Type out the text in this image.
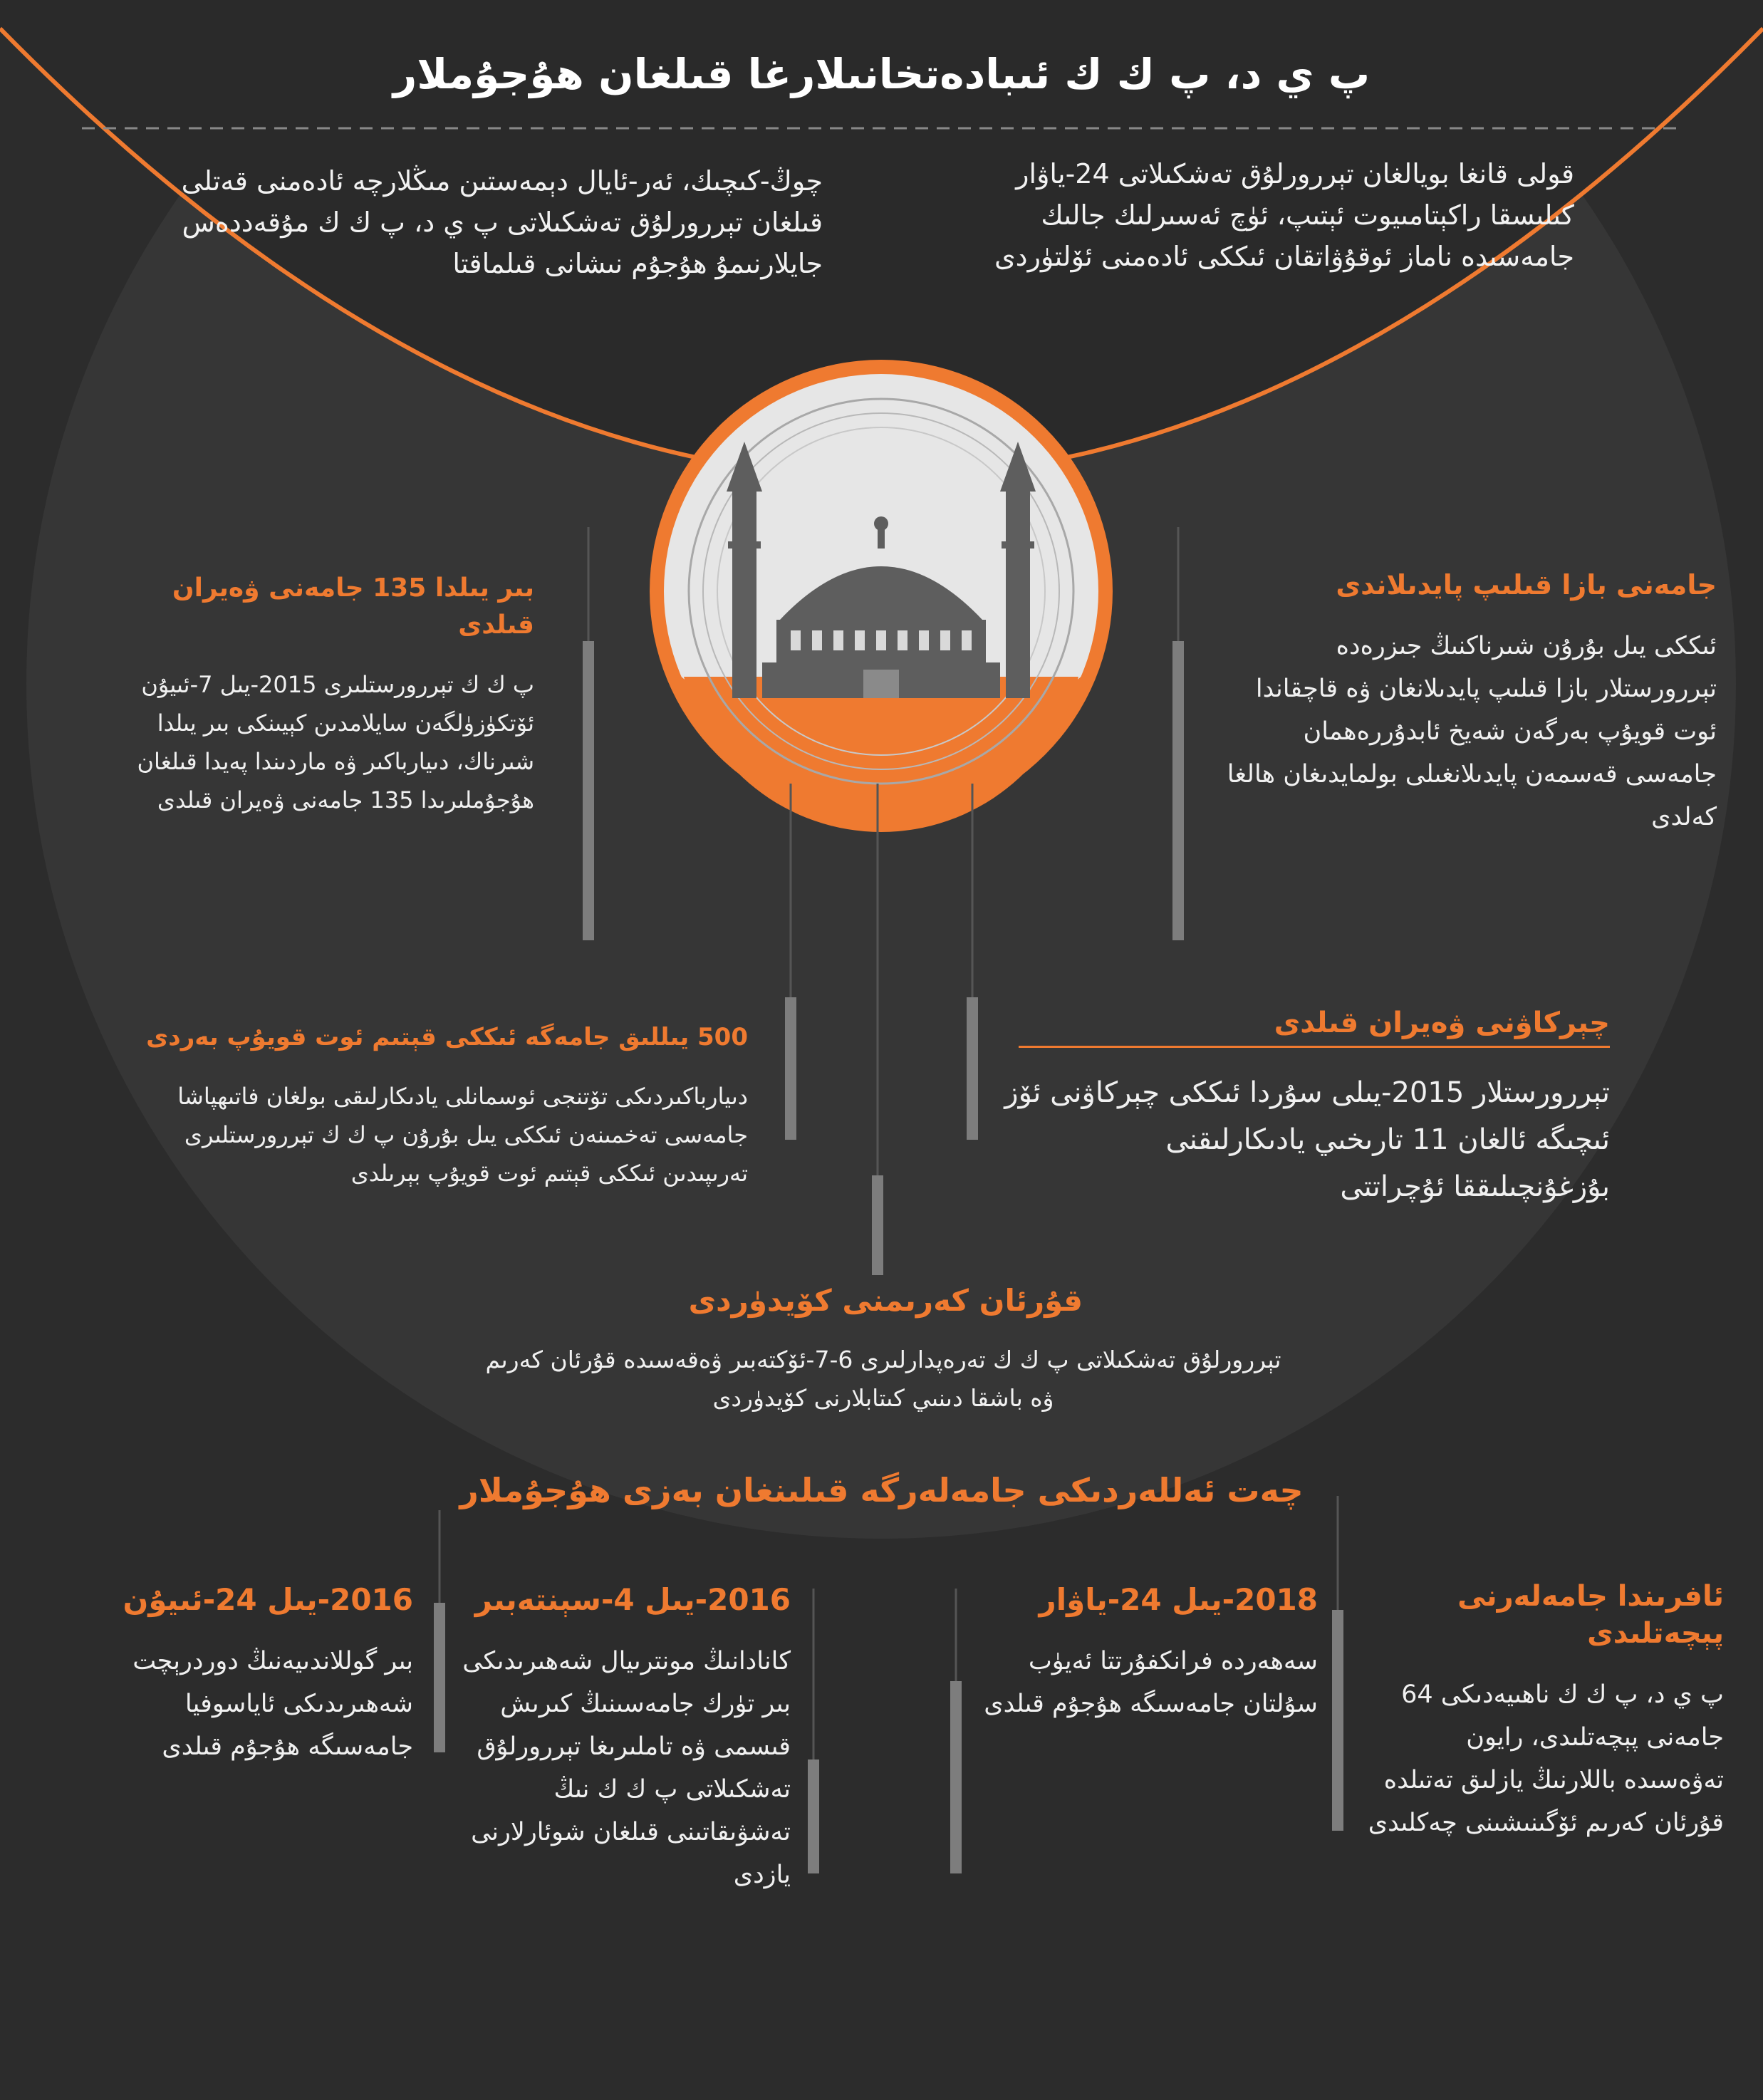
پ ي د، پ ك ك ئىبادەتخانىلارغا قىلغان ھۇجۇملار
قولى قانغا بويالغان تېررورلۇق تەشكىلاتى 24-ياۋار كىلىسقا راكېتامىيوت ئېتىپ، ئۈچ ئەسىرلىك جالىك جامەسىدە ناماز ئوقۇۋاتقان ئىككى ئادەمنى ئۆلتۈردى
چوڭ-كىچىك، ئەر-ئايال دېمەستىن مىڭلارچە ئادەمنى قەتلى قىلغان تېررورلۇق تەشكىلاتى پ ي د، پ ك ك مۇقەددەس جايلارنىمۇ ھۇجۇم نىشانى قىلماقتا
بىر يىلدا 135 جامەنى ۋەيران قىلدى
پ ك ك تېررورستلىرى 2015-يىل 7-ئىيۇن ئۆتكۈزۈلگەن سايلامدىن كېيىنكى بىر يىلدا شىرناك، دىيارباكىر ۋە ماردىندا پەيدا قىلغان ھۇجۇملىرىدا 135 جامەنى ۋەيران قىلدى
جامەنى بازا قىلىپ پايدىلاندى
ئىككى يىل بۇرۇن شىرناكنىڭ جىزرەدە تېررورستلار بازا قىلىپ پايدىلانغان ۋە قاچقاندا ئوت قويۇپ بەرگەن شەيخ ئابدۇررەھمان جامەسى قەسمەن پايدىلانغىلى بولمايدىغان ھالغا كەلدى
500 يىللىق جامەگە ئىككى قېتىم ئوت قويۇپ بەردى
دىيارباكىردىكى تۆتنجى ئوسمانلى يادىكارلىقى بولغان فاتىھپاشا جامەسى تەخمىنەن ئىككى يىل بۇرۇن پ ك ك تېررورستلىرى تەرىپىدىن ئىككى قېتىم ئوت قويۇپ بېرىلدى
چېركاۋنى ۋەيران قىلدى
تېررورستلار 2015-يىلى سۇردا ئىككى چېركاۋنى ئۆز ئىچىگە ئالغان 11 تارىخىي يادىكارلىقنى بۇزغۇنچىلىققا ئۇچراتتى
قۇرئان كەرىمنى كۆيدۈردى
تېررورلۇق تەشكىلاتى پ ك ك تەرەپدارلىرى 6-7-ئۆكتەبىر ۋەقەسىدە قۇرئان كەرىم ۋە باشقا دىنىي كىتابلارنى كۆيدۈردى
چەت ئەللەردىكى جامەلەرگە قىلىنغان بەزى ھۇجۇملار
ئافرىندا جامەلەرنى پېچەتلىدى
پ ي د، پ ك ك ناھىيەدىكى 64 جامەنى پېچەتلىدى، رايون تەۋەسىدە باللارنىڭ يازلىق تەتىلدە قۇرئان كەرىم ئۆگىنىشىنى چەكلىدى
2018-يىل 24-ياۋار
سەھەردە فرانكفۇرتتا ئەيۈب سۇلتان جامەسىگە ھۇجۇم قىلدى
2016-يىل 4-سېنتەبىر
كانادانىڭ مونترىيال شەھىرىدىكى بىر تۈرك جامەسىنىڭ كىرىش قىسمى ۋە تاملىرىغا تېررورلۇق تەشكىلاتى پ ك ك نىڭ تەشۋىقاتىنى قىلغان شوئارلارنى يازدى
2016-يىل 24-ئىيۇن
بىر گوللاندىيەنىڭ دوردرېچت شەھىرىدىكى ئاياسوفيا جامەسىگە ھۇجۇم قىلدى
